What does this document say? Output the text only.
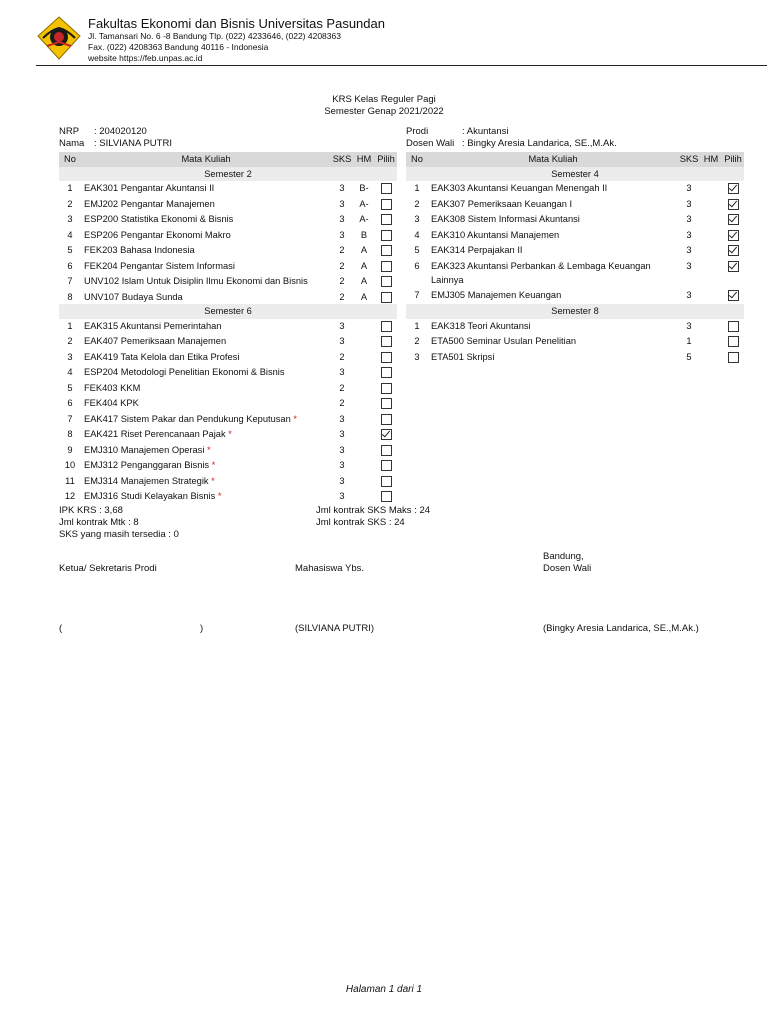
Fakultas Ekonomi dan Bisnis Universitas Pasundan
Jl. Tamansari No. 6 -8 Bandung Tlp. (022) 4233646, (022) 4208363
Fax. (022) 4208363 Bandung 40116 - Indonesia
website https://feb.unpas.ac.id
KRS Kelas Reguler Pagi
Semester Genap 2021/2022
NRP : 204020120
Nama : SILVIANA PUTRI
Prodi	: Akuntansi
Dosen Wali : Bingky Aresia Landarica, SE.,M.Ak.
No	Mata Kuliah	SKS	HM	Pilih
Semester 2				
1	EAK301 Pengantar Akuntansi II	3	B-	
2	EMJ202 Pengantar Manajemen	3	A-	
3	ESP200 Statistika Ekonomi & Bisnis	3	A-	
4	ESP206 Pengantar Ekonomi Makro	3	B	
5	FEK203 Bahasa Indonesia	2	A	
6	FEK204 Pengantar Sistem Informasi	2	A	
7	UNV102 Islam Untuk Disiplin Ilmu Ekonomi dan Bisnis	2	A	
8	UNV107 Budaya Sunda	2	A	
No	Mata Kuliah	SKS	HM	Pilih
Semester 4				
1	EAK303 Akuntansi Keuangan Menengah II	3		
2	EAK307 Pemeriksaan Keuangan I	3		
3	EAK308 Sistem Informasi Akuntansi	3		
4	EAK310 Akuntansi Manajemen	3		
5	EAK314 Perpajakan II	3		
6	EAK323 Akuntansi Perbankan & Lembaga Keuangan Lainnya	3		
7	EMJ305 Manajemen Keuangan	3		
Semester 6				
1	EAK315 Akuntansi Pemerintahan	3		
2	EAK407 Pemeriksaan Manajemen	3		
3	EAK419 Tata Kelola dan Etika Profesi	2		
4	ESP204 Metodologi Penelitian Ekonomi & Bisnis	3		
5	FEK403 KKM	2		
6	FEK404 KPK	2		
7	EAK417 Sistem Pakar dan Pendukung Keputusan *	3		
8	EAK421 Riset Perencanaan Pajak *	3		
9	EMJ310 Manajemen Operasi *	3		
10	EMJ312 Penganggaran Bisnis *	3		
11	EMJ314 Manajemen Strategik *	3		
12	EMJ316 Studi Kelayakan Bisnis *	3		
Semester 8				
1	EAK318 Teori Akuntansi	3		
2	ETA500 Seminar Usulan Penelitian	1		
3	ETA501 Skripsi	5		
IPK KRS : 3,68
Jml kontrak Mtk : 8
SKS yang masih tersedia : 0
Jml kontrak SKS Maks : 24
Jml kontrak SKS : 24
Bandung,
Ketua/ Sekretaris Prodi	Mahasiswa Ybs.	Dosen Wali
(	)	(SILVIANA PUTRI)	(Bingky Aresia Landarica, SE.,M.Ak.)
Halaman 1 dari 1
